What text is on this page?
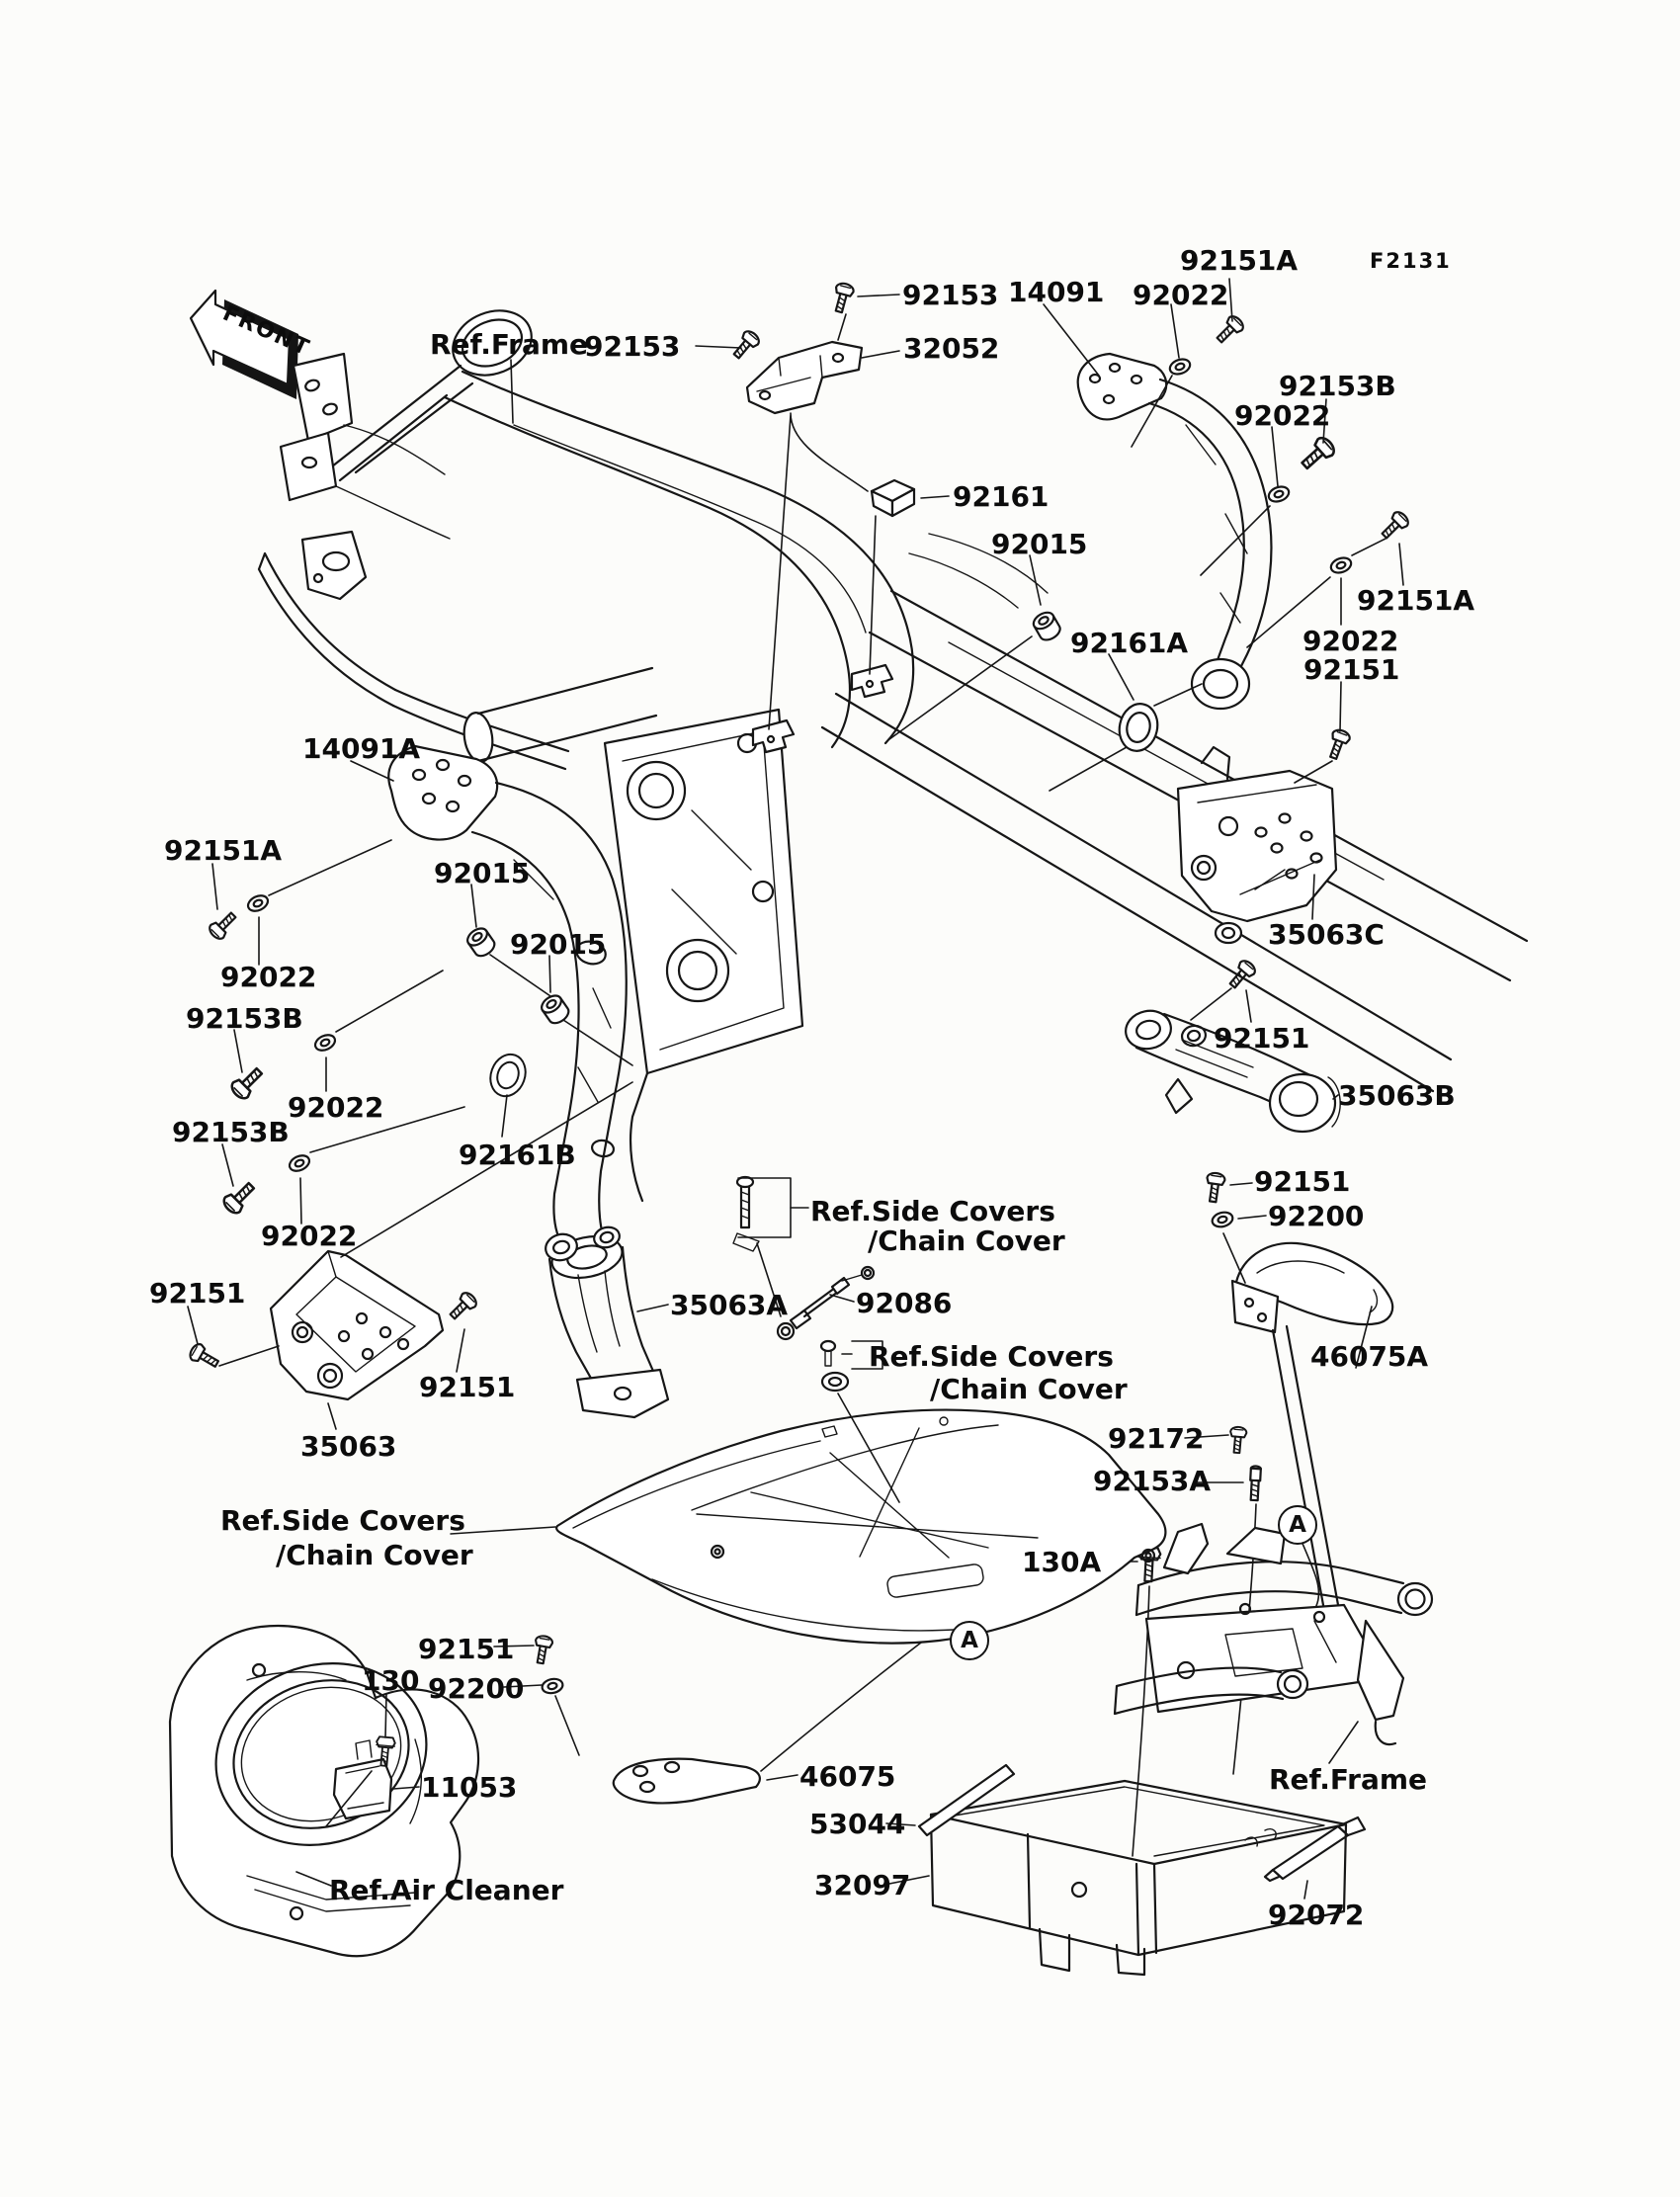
FRONT	Ref.Frame
92153
92153
32052
14091 92022
92151A	F2131
92153B
92022
92161
92015
92161A
92151A
92022
92151
35063C
92151
35063B
92151
92200
46075A
92172
92153A
130A
14091A
92151A
92015
92015
92022
92153B
92022
92153B
92161B
92022
92151
92151
35063
35063A 92086
Ref.Side Covers
/Chain Cover
Ref.Side Covers
/Chain Cover
Ref.Side Covers
/Chain Cover
92151
130 92200
11053
Ref.Air Cleaner
46075
53044
32097
Ref.Frame
92072
A
A
